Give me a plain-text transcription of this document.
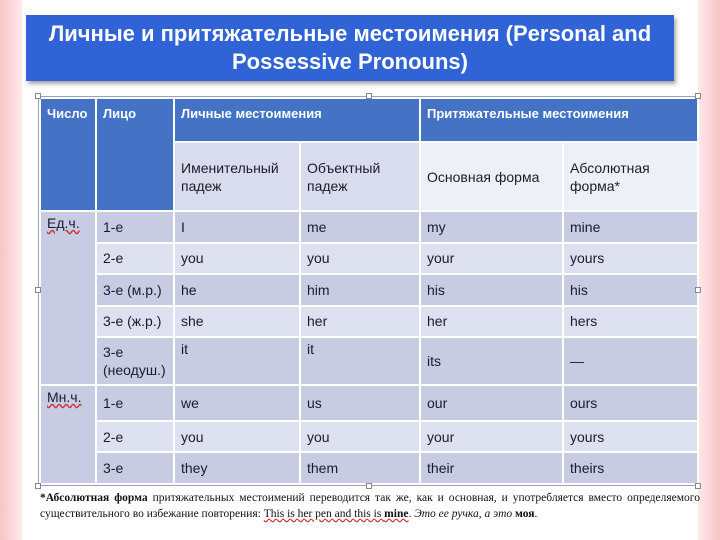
Личные и притяжательные местоимения (Personal and
Possessive Pronouns)
Число	Лицо	Личные местоимения		Притяжательные местоимения	
		Именительный падеж	Объектный падеж	Основная форма	Абсолютная форма*
Ед.ч.	1-е	I	me	my	mine
	2-е	you	you	your	yours
	3-е (м.р.)	he	him	his	his
	3-е (ж.р.)	she	her	her	hers
	3-е (неодуш.)	it	it	its	—
Мн.ч.	1-е	we	us	our	ours
	2-е	you	you	your	yours
	3-е	they	them	their	theirs
*Абсолютная форма притяжательных местоимений переводится так же, как и основная, и употребляется вместо определяемого существительного во избежание повторения: This is her pen and this is mine. Это ее ручка, а это моя.
